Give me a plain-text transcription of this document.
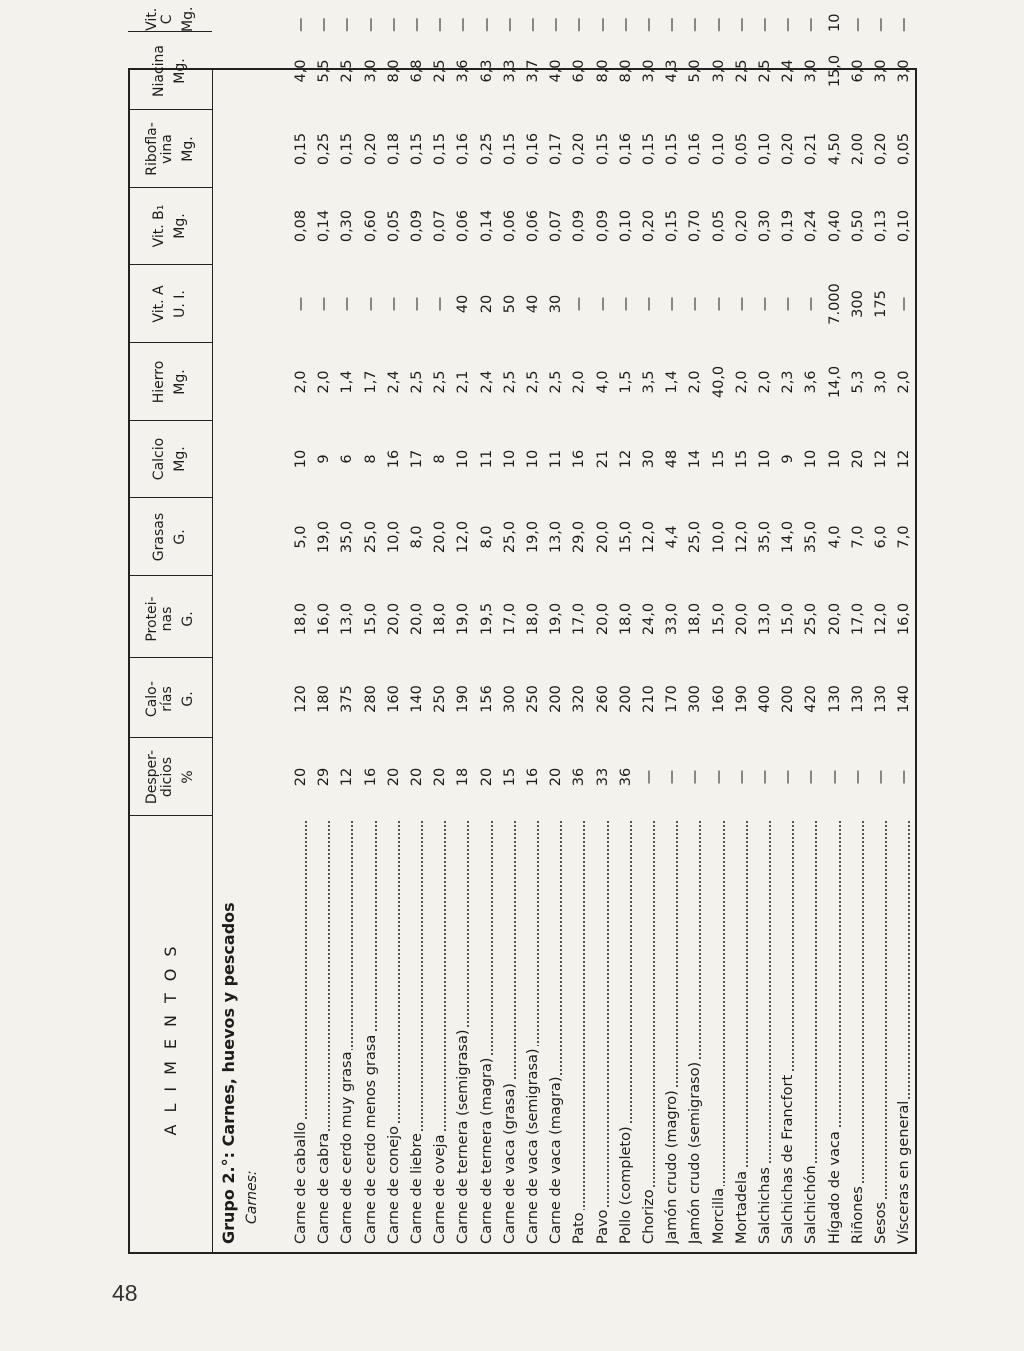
48
ALIMENTOS
Desper- dicios %
Calo- rías G.
Protei- nas G.
Grasas G.
Calcio Mg.
Hierro Mg.
Vit. A U. I.
Vit. B₁ Mg.
Ribofla- vina Mg.
Niacina Mg.
Vit. C Mg.
Grupo 2.°: Carnes, huevos y pescados Carnes: Carne de caballo
20
120
18,0
5,0
10
2,0
—
0,08
0,15
4,0
—
Carne de cabra
29
180
16,0
19,0
9
2,0
—
0,14
0,25
5,5
—
Carne de cerdo muy grasa
12
375
13,0
35,0
6
1,4
—
0,30
0,15
2,5
—
Carne de cerdo menos grasa
16
280
15,0
25,0
8
1,7
—
0,60
0,20
3,0
—
Carne de conejo
20
160
20,0
10,0
16
2,4
—
0,05
0,18
8,0
—
Carne de liebre
20
140
20,0
8,0
17
2,5
—
0,09
0,15
6,8
—
Carne de oveja
20
250
18,0
20,0
8
2,5
—
0,07
0,15
2,5
—
Carne de ternera (semigrasa)
18
190
19,0
12,0
10
2,1
40
0,06
0,16
3,6
—
Carne de ternera (magra)
20
156
19,5
8,0
11
2,4
20
0,14
0,25
6,3
—
Carne de vaca (grasa)
15
300
17,0
25,0
10
2,5
50
0,06
0,15
3,3
—
Carne de vaca (semigrasa)
16
250
18,0
19,0
10
2,5
40
0,06
0,16
3,7
—
Carne de vaca (magra)
20
200
19,0
13,0
11
2,5
30
0,07
0,17
4,0
—
Pato
36
320
17,0
29,0
16
2,0
—
0,09
0,20
6,0
—
Pavo
33
260
20,0
20,0
21
4,0
—
0,09
0,15
8,0
—
Pollo (completo)
36
200
18,0
15,0
12
1,5
—
0,10
0,16
8,0
—
Chorizo
—
210
24,0
12,0
30
3,5
—
0,20
0,15
3,0
—
Jamón crudo (magro)
—
170
33,0
4,4
48
1,4
—
0,15
0,15
4,3
—
Jamón crudo (semigraso)
—
300
18,0
25,0
14
2,0
—
0,70
0,16
5,0
—
Morcilla
—
160
15,0
10,0
15
40,0
—
0,05
0,10
3,0
—
Mortadela
—
190
20,0
12,0
15
2,0
—
0,20
0,05
2,5
—
Salchichas
—
400
13,0
35,0
10
2,0
—
0,30
0,10
2,5
—
Salchichas de Francfort
—
200
15,0
14,0
9
2,3
—
0,19
0,20
2,4
—
Salchichón
—
420
25,0
35,0
10
3,6
—
0,24
0,21
3,0
—
Hígado de vaca
—
130
20,0
4,0
10
14,0
7.000
0,40
4,50
15,0
10
Riñones
—
130
17,0
7,0
20
5,3
300
0,50
2,00
6,0
—
Sesos
—
130
12,0
6,0
12
3,0
175
0,13
0,20
3,0
—
Vísceras en general
—
140
16,0
7,0
12
2,0
—
0,10
0,05
3,0
—
